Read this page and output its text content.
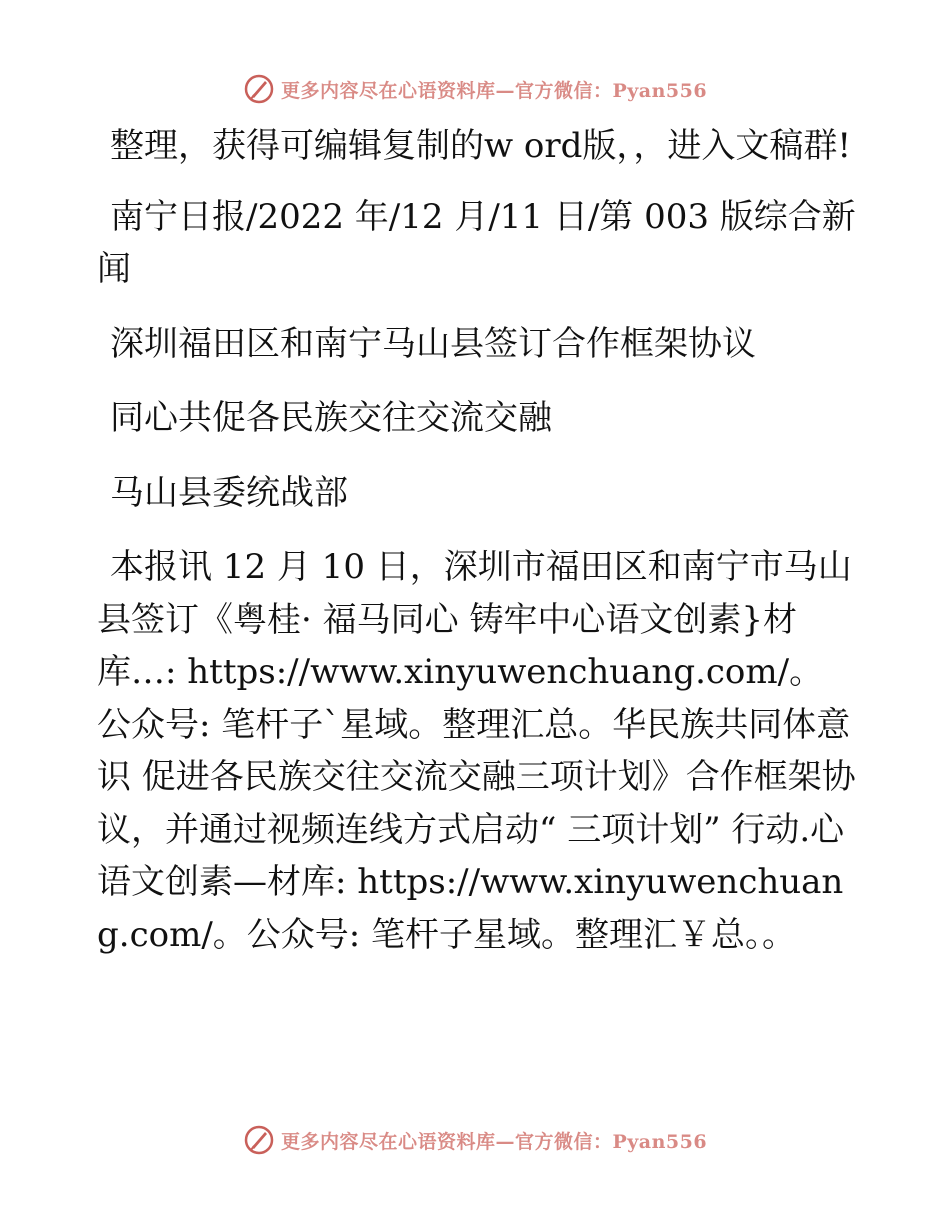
更多内容尽在心语资料库—官方微信：Pyan556

整理，获得可编辑复制的w ord版，，进入文稿群!

南宁日报/2022 年/12 月/11 日/第 003 版综合新闻

深圳福田区和南宁马山县签订合作框架协议

同心共促各民族交往交流交融

马山县委统战部

本报讯 12 月 10 日，深圳市福田区和南宁市马山县签订《粤桂· 福马同心 铸牢中心语文创素}材库…: https://www.xinyuwenchuang.com/。公众号: 笔杆子`星域。整理汇总。华民族共同体意识 促进各民族交往交流交融三项计划》合作框架协议，并通过视频连线方式启动“ 三项计划” 行动.心语文创素—材库: https://www.xinyuwenchuang.com/。公众号: 笔杆子星域。整理汇￥总。。

更多内容尽在心语资料库—官方微信：Pyan556
